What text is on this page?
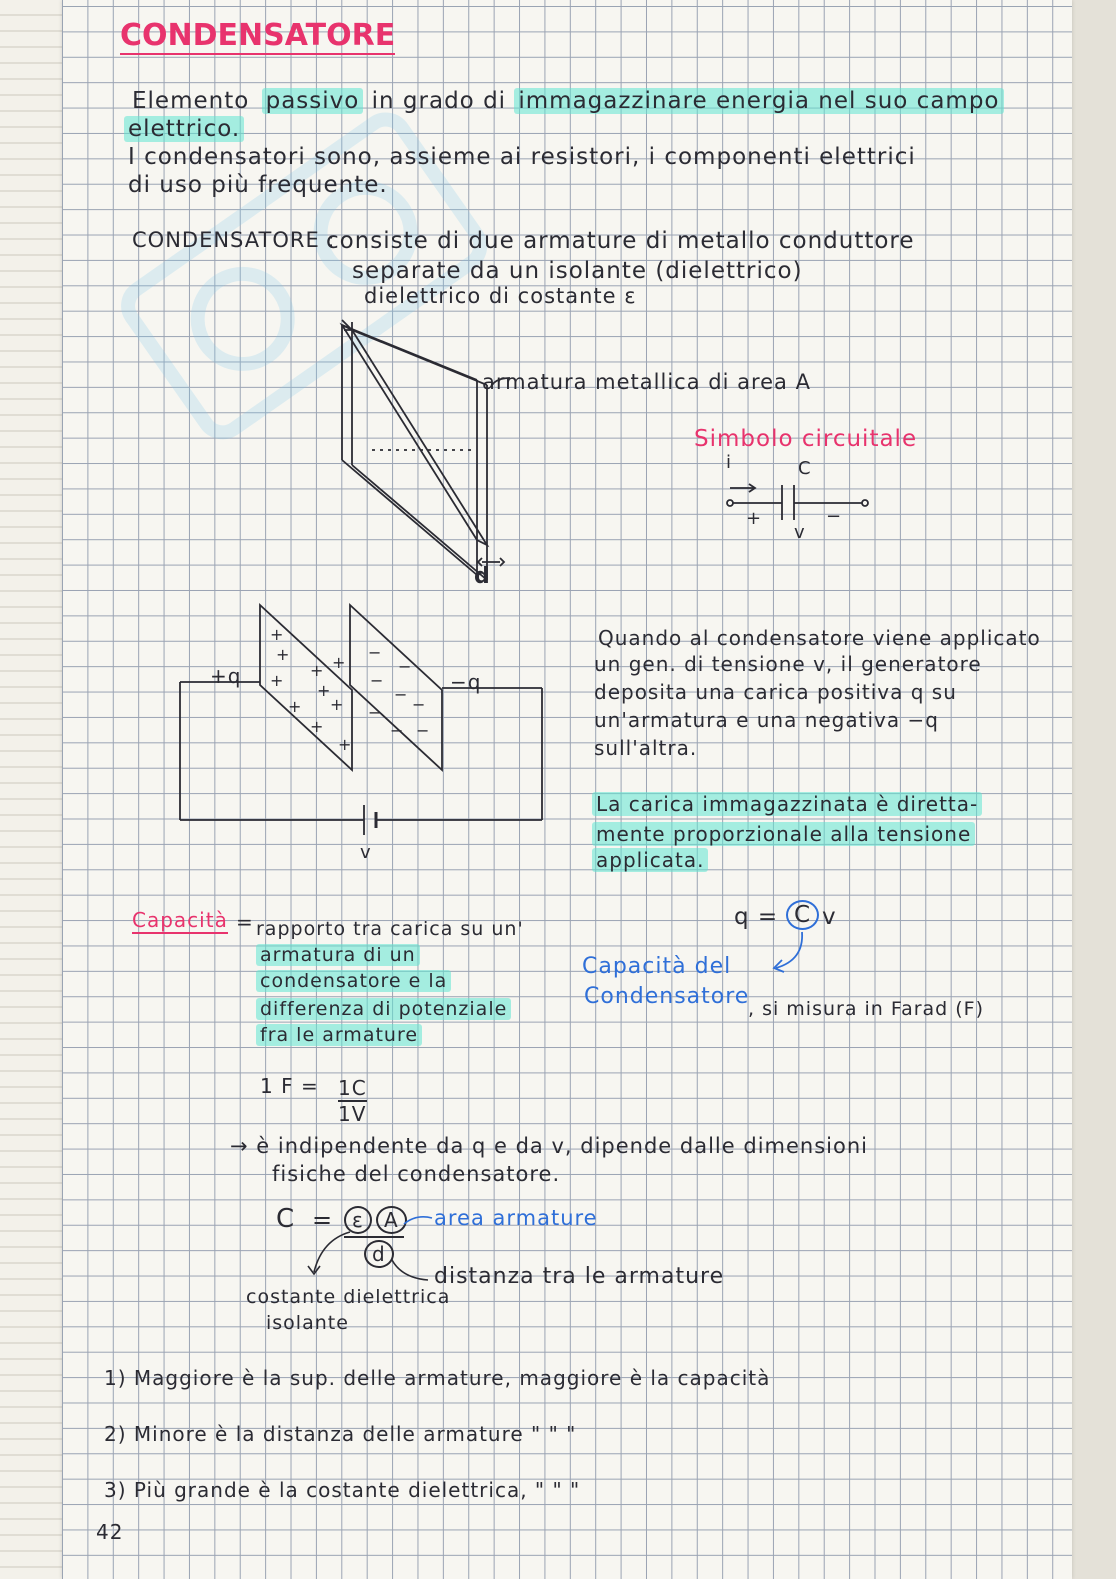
CONDENSATORE
Elemento passivo in grado di immagazzinare energia nel suo campo
elettrico.
I condensatori sono, assieme ai resistori, i componenti elettrici
di uso più frequente.
CONDENSATORE :
consiste di due armature di metallo conduttore
separate da un isolante (dielettrico)
dielettrico di costante ε
armatura metallica di area A
d
Simbolo circuitale
i	C
+	−
v
+
+
+
+
+
+
+
+
+
+
−
−
−
−
− −
− −
+q	−q
v
Quando al condensatore viene applicato
un gen. di tensione v, il generatore
deposita una carica positiva q su
un'armatura e una negativa −q
sull'altra.
La carica immagazzinata è diretta-
mente proporzionale alla tensione
applicata.
Capacità = rapporto tra carica su un'
armatura di un
condensatore e la
differenza di potenziale
fra le armature
q = C v
Capacità del
Condensatore
, si misura in Farad (F)
1 F = 1C
1V
→ è indipendente da q e da v, dipende dalle dimensioni
fisiche del condensatore.
C = ε	A
d
area armature
distanza tra le armature
costante dielettrica
isolante
1) Maggiore è la sup. delle armature, maggiore è la capacità
2) Minore è la distanza delle armature " " "
3) Più grande è la costante dielettrica, " " "
42
